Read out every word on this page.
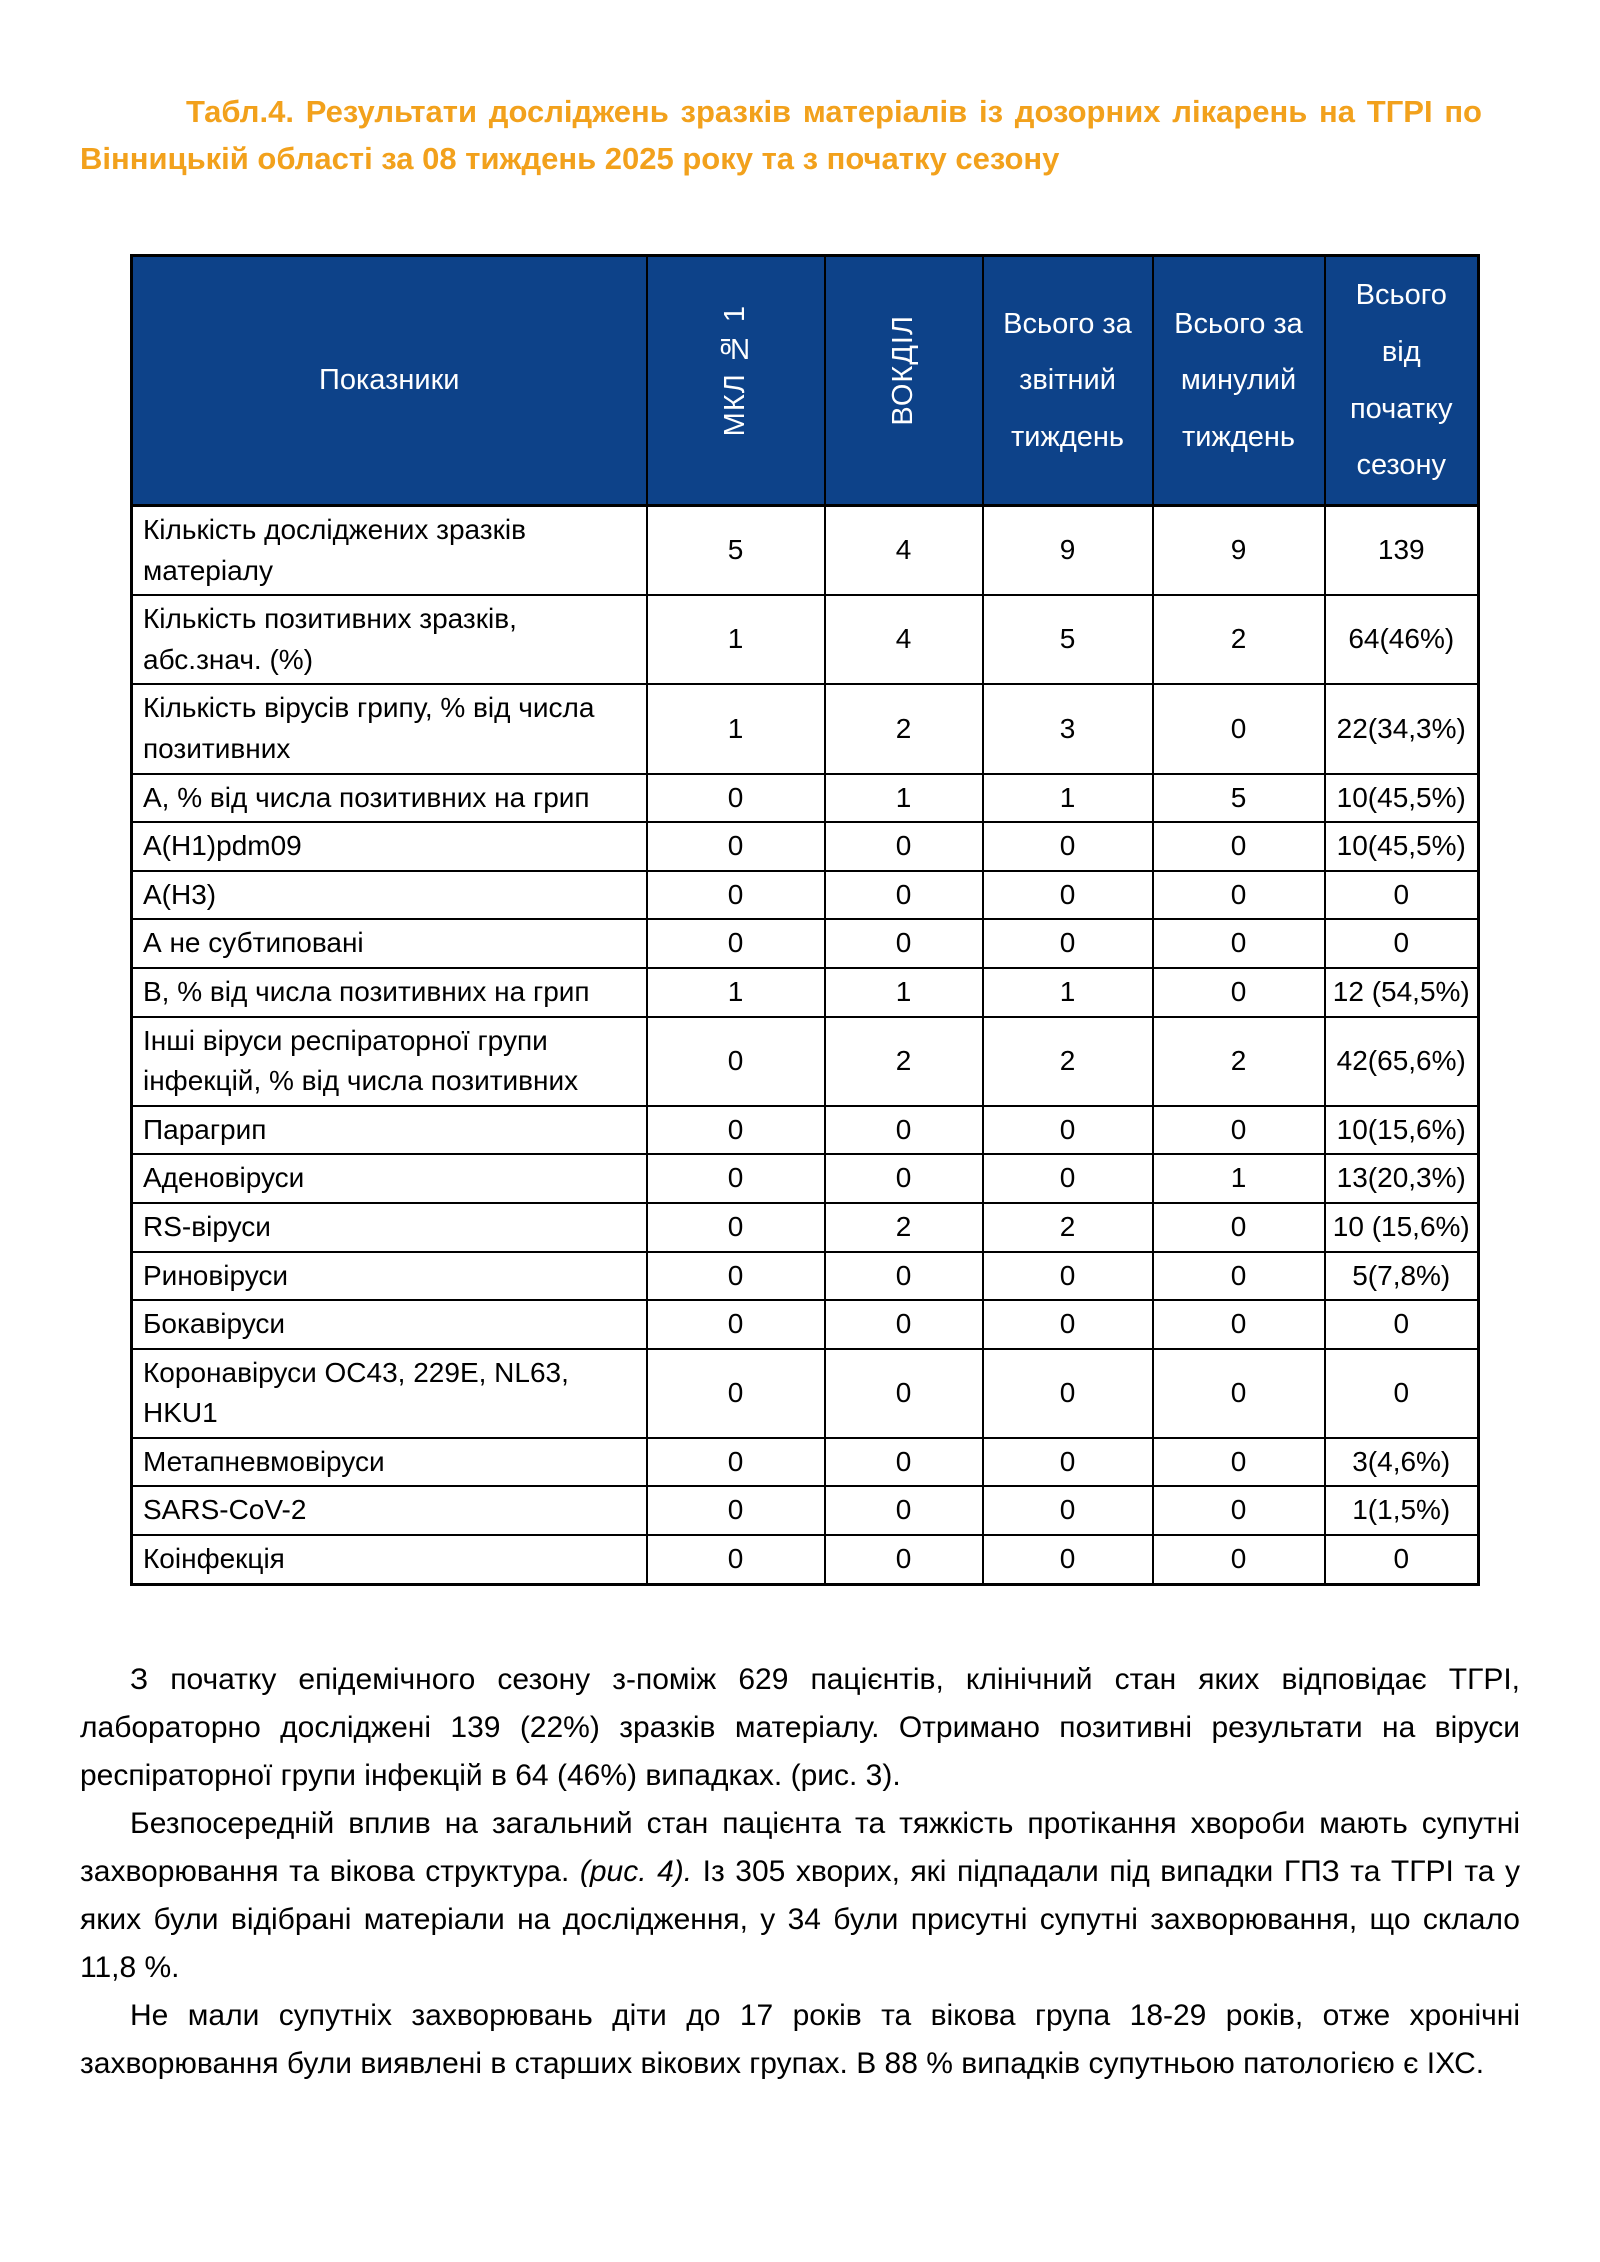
Табл.4. Результати досліджень зразків матеріалів із дозорних лікарень на ТГРІ по Вінницькій області за 08 тиждень 2025 року та з початку сезону
Показники	МКЛ № 1	ВОКДІЛ	Всього за звітний тиждень	Всього за минулий тиждень	Всього від початку сезону
Кількість досліджених зразків матеріалу	5	4	9	9	139
Кількість позитивних зразків, абс.знач. (%)	1	4	5	2	64(46%)
Кількість вірусів грипу, % від числа позитивних	1	2	3	0	22(34,3%)
А, % від числа позитивних на грип	0	1	1	5	10(45,5%)
A(H1)pdm09	0	0	0	0	10(45,5%)
A(H3)	0	0	0	0	0
А не субтиповані	0	0	0	0	0
В, % від числа позитивних на грип	1	1	1	0	12 (54,5%)
Інші віруси респіраторної групи інфекцій, % від числа позитивних	0	2	2	2	42(65,6%)
Парагрип	0	0	0	0	10(15,6%)
Аденовіруси	0	0	0	1	13(20,3%)
RS-віруси	0	2	2	0	10 (15,6%)
Риновіруси	0	0	0	0	5(7,8%)
Бокавіруси	0	0	0	0	0
Коронавіруси OC43, 229E, NL63, HKU1	0	0	0	0	0
Метапневмовіруси	0	0	0	0	3(4,6%)
SARS-CoV-2	0	0	0	0	1(1,5%)
Коінфекція	0	0	0	0	0

З початку епідемічного сезону з-поміж 629 пацієнтів, клінічний стан яких відповідає ТГРІ, лабораторно досліджені 139 (22%) зразків матеріалу. Отримано позитивні результати на віруси респіраторної групи інфекцій в 64 (46%) випадках. (рис. 3).

Безпосередній вплив на загальний стан пацієнта та тяжкість протікання хвороби мають супутні захворювання та вікова структура. (рис. 4). Із 305 хворих, які підпадали під випадки ГПЗ та ТГРІ та у яких були відібрані матеріали на дослідження, у 34 були присутні супутні захворювання, що склало 11,8 %.

Не мали супутніх захворювань діти до 17 років та вікова група 18-29 років, отже хронічні захворювання були виявлені в старших вікових групах. В 88 % випадків супутньою патологією є ІХС.
